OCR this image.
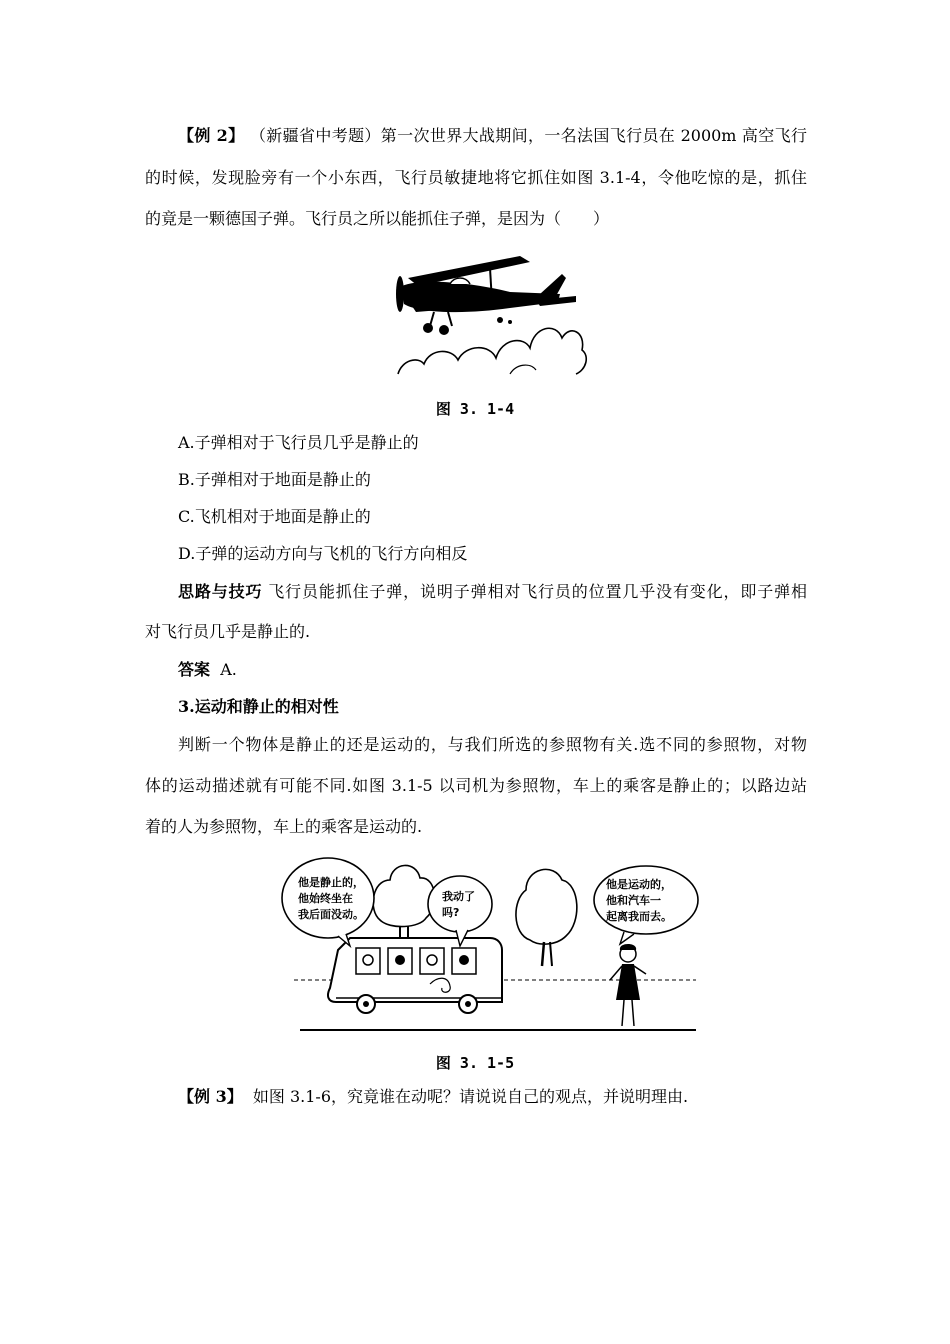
【例 2】 （新疆省中考题）第一次世界大战期间，一名法国飞行员在 2000m 高空飞行
的时候，发现脸旁有一个小东西，飞行员敏捷地将它抓住如图 3.1-4，令他吃惊的是，抓住
的竟是一颗德国子弹。飞行员之所以能抓住子弹，是因为（　　）
图 3. 1-4
A.子弹相对于飞行员几乎是静止的
B.子弹相对于地面是静止的
C.飞机相对于地面是静止的
D.子弹的运动方向与飞机的飞行方向相反
思路与技巧 飞行员能抓住子弹，说明子弹相对飞行员的位置几乎没有变化，即子弹相
对飞行员几乎是静止的.
答案 A.
3.运动和静止的相对性
判断一个物体是静止的还是运动的，与我们所选的参照物有关.选不同的参照物，对物
体的运动描述就有可能不同.如图 3.1-5 以司机为参照物，车上的乘客是静止的；以路边站
着的人为参照物，车上的乘客是运动的.
他是静止的，
他始终坐在
我后面没动。
我动了
吗?
他是运动的，
他和汽车一
起离我而去。
图 3. 1-5
【例 3】 如图 3.1-6，究竟谁在动呢？请说说自己的观点，并说明理由.
